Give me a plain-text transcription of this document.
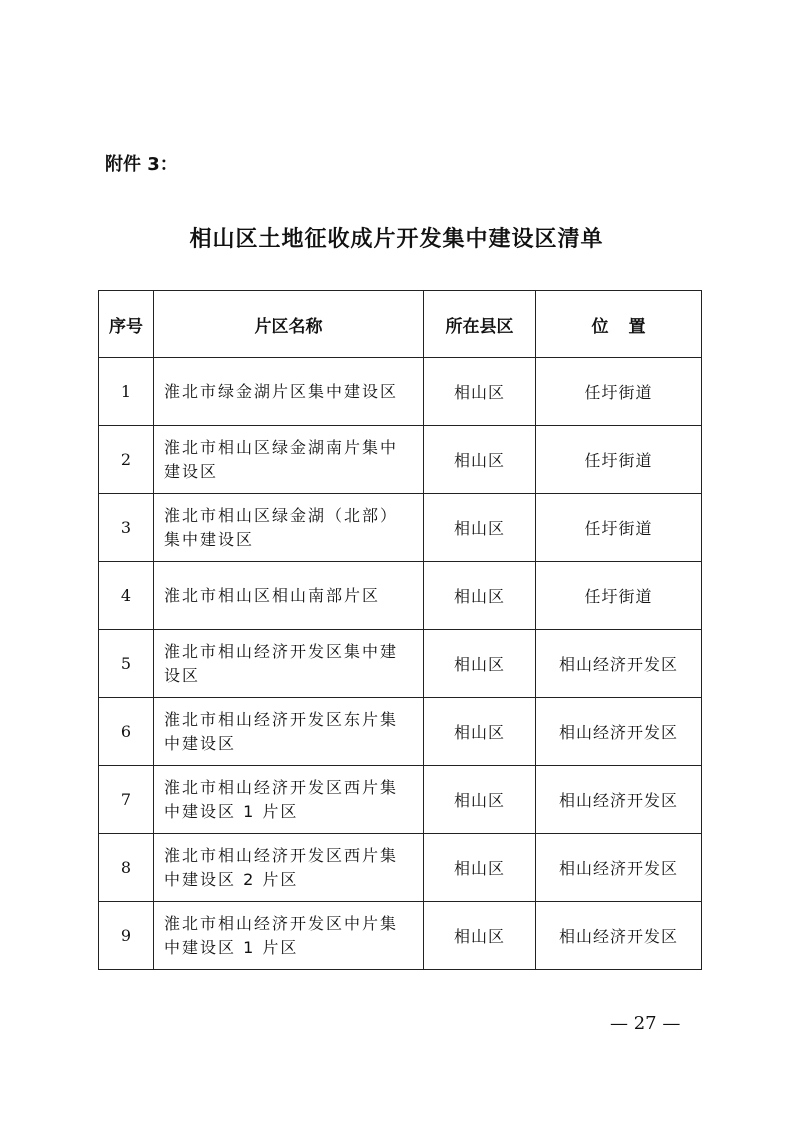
附件 3：
相山区土地征收成片开发集中建设区清单
序号	片区名称	所在县区	位置
1	淮北市绿金湖片区集中建设区	相山区	任圩街道
2	淮北市相山区绿金湖南片集中建设区	相山区	任圩街道
3	淮北市相山区绿金湖（北部）集中建设区	相山区	任圩街道
4	淮北市相山区相山南部片区	相山区	任圩街道
5	淮北市相山经济开发区集中建设区	相山区	相山经济开发区
6	淮北市相山经济开发区东片集中建设区	相山区	相山经济开发区
7	淮北市相山经济开发区西片集中建设区 1 片区	相山区	相山经济开发区
8	淮北市相山经济开发区西片集中建设区 2 片区	相山区	相山经济开发区
9	淮北市相山经济开发区中片集中建设区 1 片区	相山区	相山经济开发区
— 27 —
